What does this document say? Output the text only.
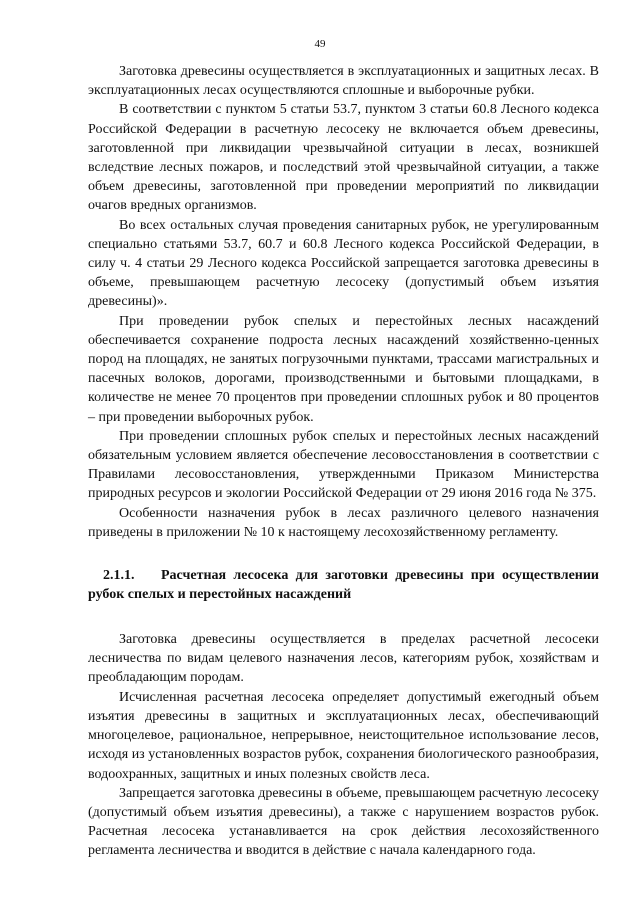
49

Заготовка древесины осуществляется в эксплуатационных и защитных лесах. В эксплуатационных лесах осуществляются сплошные и выборочные рубки.

В соответствии с пунктом 5 статьи 53.7, пунктом 3 статьи 60.8 Лесного кодекса Российской Федерации в расчетную лесосеку не включается объем древесины, заготовленной при ликвидации чрезвычайной ситуации в лесах, возникшей вследствие лесных пожаров, и последствий этой чрезвычайной ситуации, а также объем древесины, заготовленной при проведении мероприятий по ликвидации очагов вредных организмов.

Во всех остальных случая проведения санитарных рубок, не урегулированным специально статьями 53.7, 60.7 и 60.8 Лесного кодекса Российской Федерации, в силу ч. 4 статьи 29 Лесного кодекса Российской запрещается заготовка древесины в объеме, превышающем расчетную лесосеку (допустимый объем изъятия древесины)».

При проведении рубок спелых и перестойных лесных насаждений обеспечивается сохранение подроста леcных насаждений хозяйственно-ценных пород на площадях, не занятых погрузочными пунктами, трассами магистральных и пасечных волоков, дорогами, производственными и бытовыми площадками, в количестве не менее 70 процентов при проведении сплошных рубок и 80 процентов – при проведении выборочных рубок.

При проведении сплошных рубок спелых и перестойных лесных насаждений обязательным условием является обеспечение лесовосстановления в соответствии с Правилами лесовосстановления, утвержденными Приказом Министерства природных ресурсов и экологии Российской Федерации от 29 июня 2016 года № 375.

Особенности назначения рубок в лесах различного целевого назначения приведены в приложении № 10 к настоящему лесохозяйственному регламенту.

2.1.1. Расчетная лесосека для заготовки древесины при осуществлении рубок спелых и перестойных насаждений

Заготовка древесины осуществляется в пределах расчетной лесосеки лесничества по видам целевого назначения лесов, категориям рубок, хозяйствам и преобладающим породам.

Исчисленная расчетная лесосека определяет допустимый ежегодный объем изъятия древесины в защитных и эксплуатационных лесах, обеспечивающий многоцелевое, рациональное, непрерывное, неистощительное использование лесов, исходя из установленных возрастов рубок, сохранения биологического разнообразия, водоохранных, защитных и иных полезных свойств леса.

Запрещается заготовка древесины в объеме, превышающем расчетную лесосеку (допустимый объем изъятия древесины), а также с нарушением возрастов рубок. Расчетная лесосека устанавливается на срок действия лесохозяйственного регламента лесничества и вводится в действие с начала календарного года.
